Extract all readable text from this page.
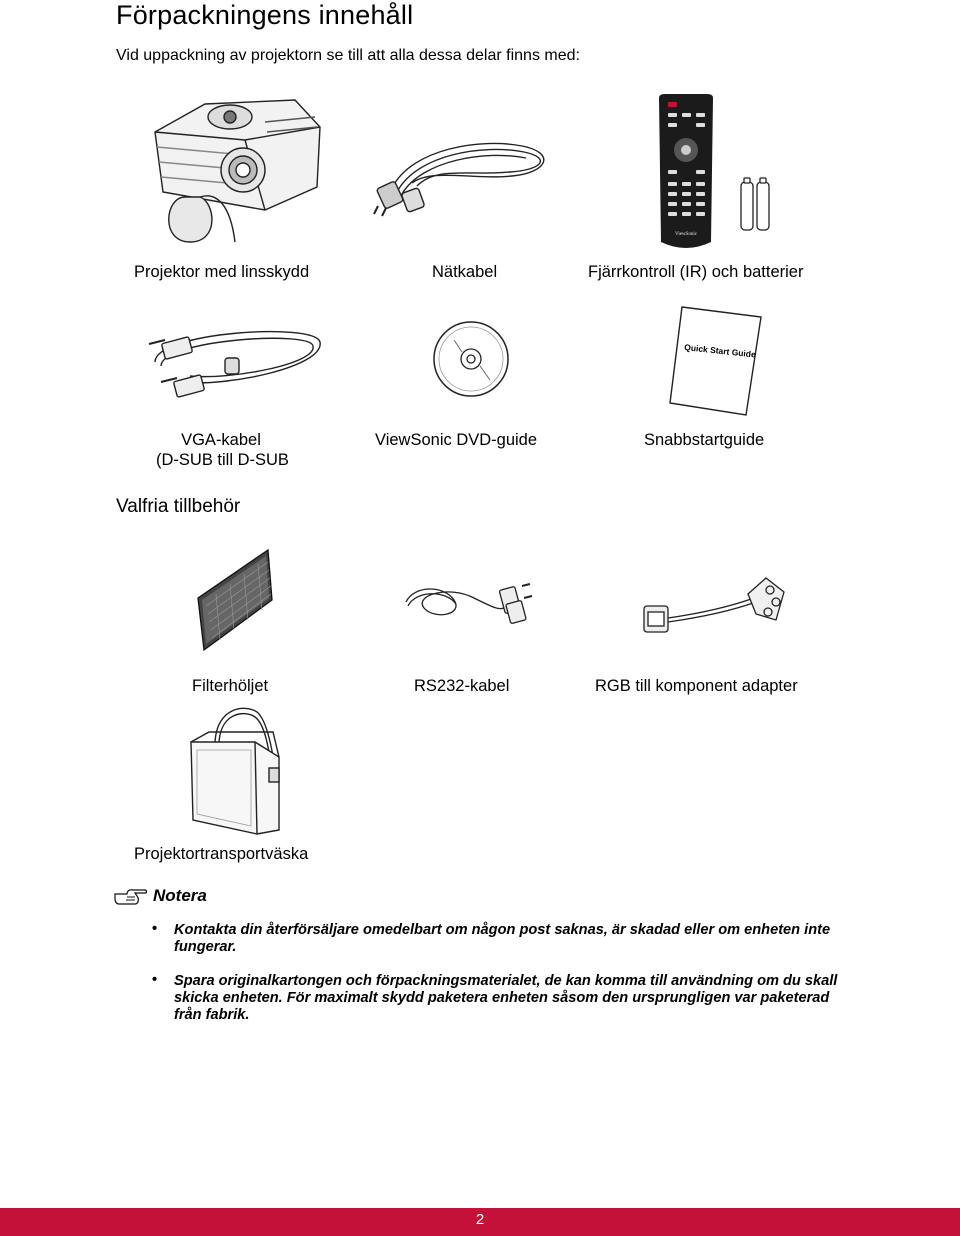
Förpackningens innehåll
Vid uppackning av projektorn se till att alla dessa delar finns med:
ViewSonic
Projektor med linsskydd	Nätkabel	Fjärrkontroll (IR) och batterier
Quick Start Guide
VGA-kabel
(D-SUB till D-SUB
ViewSonic DVD-guide	Snabbstartguide
Valfria tillbehör
Filterhöljet	RS232-kabel	RGB till komponent adapter
Projektortransportväska
Notera
• Kontakta din återförsäljare omedelbart om någon post saknas, är skadad eller om enheten inte fungerar.
• Spara originalkartongen och förpackningsmaterialet, de kan komma till användning om du skall skicka enheten. För maximalt skydd paketera enheten såsom den ursprungligen var paketerad från fabrik.
2
